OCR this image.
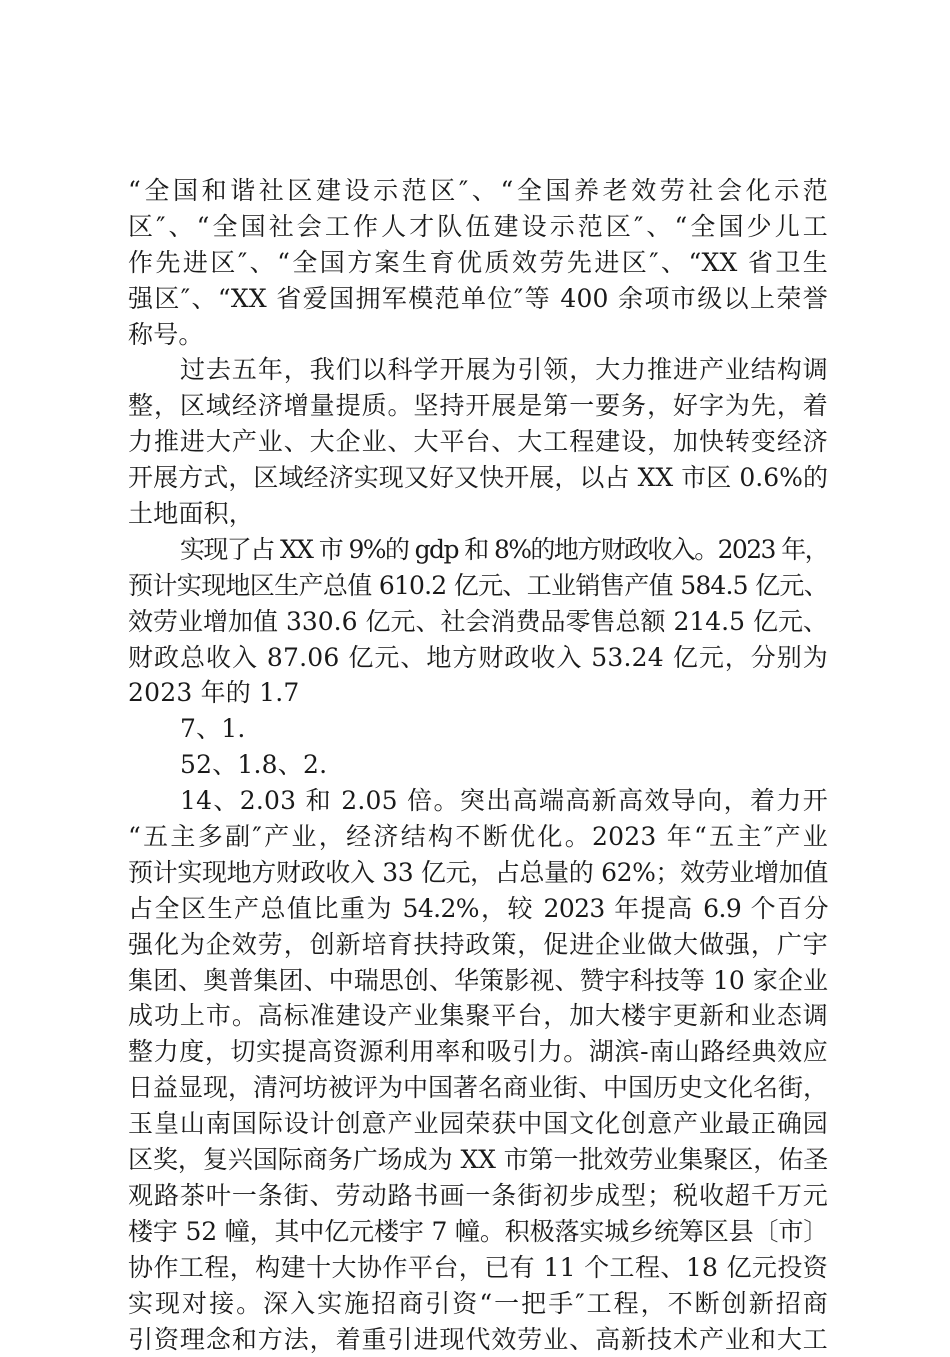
“全国和谐社区建设示范区″、“全国养老效劳社会化示范
区″、“全国社会工作人才队伍建设示范区″、“全国少儿工
作先进区″、“全国方案生育优质效劳先进区″、“XX 省卫生
强区″、“XX 省爱国拥军模范单位″等 400 余项市级以上荣誉
称号。
过去五年，我们以科学开展为引领，大力推进产业结构调
整，区域经济增量提质。坚持开展是第一要务，好字为先，着
力推进大产业、大企业、大平台、大工程建设，加快转变经济
开展方式，区域经济实现又好又快开展，以占 XX 市区 0.6%的
土地面积，
实现了占 XX 市 9%的 gdp 和 8%的地方财政收入。2023 年，
预计实现地区生产总值 610.2 亿元、工业销售产值 584.5 亿元、
效劳业增加值 330.6 亿元、社会消费品零售总额 214.5 亿元、
财政总收入 87.06 亿元、地方财政收入 53.24 亿元，分别为
2023 年的 1.7
7、1.
52、1.8、2.
14、2.03 和 2.05 倍。突出高端高新高效导向，着力开
“五主多副″产业，经济结构不断优化。2023 年“五主″产业
预计实现地方财政收入 33 亿元，占总量的 62%；效劳业增加值
占全区生产总值比重为 54.2%，较 2023 年提高 6.9 个百分
强化为企效劳，创新培育扶持政策，促进企业做大做强，广宇
集团、奥普集团、中瑞思创、华策影视、赞宇科技等 10 家企业
成功上市。高标准建设产业集聚平台，加大楼宇更新和业态调
整力度，切实提高资源利用率和吸引力。湖滨-南山路经典效应
日益显现，清河坊被评为中国著名商业街、中国历史文化名街，
玉皇山南国际设计创意产业园荣获中国文化创意产业最正确园
区奖，复兴国际商务广场成为 XX 市第一批效劳业集聚区，佑圣
观路茶叶一条街、劳动路书画一条街初步成型；税收超千万元
楼宇 52 幢，其中亿元楼宇 7 幢。积极落实城乡统筹区县〔市〕
协作工程，构建十大协作平台，已有 11 个工程、18 亿元投资
实现对接。深入实施招商引资“一把手″工程，不断创新招商
引资理念和方法，着重引进现代效劳业、高新技术产业和大工
